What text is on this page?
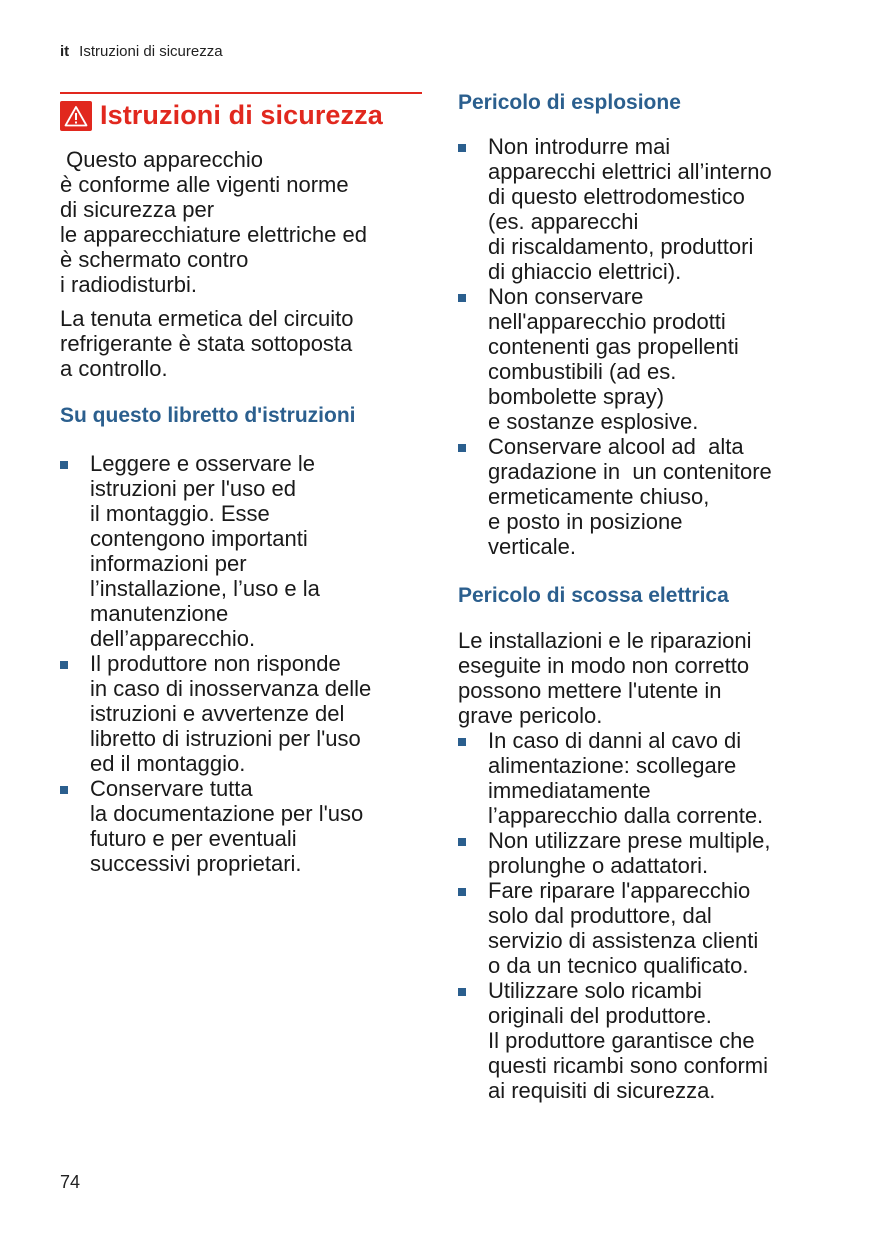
it Istruzioni di sicurezza
Istruzioni di sicurezza
Questo apparecchio
è conforme alle vigenti norme
di sicurezza per
le apparecchiature elettriche ed
è schermato contro
i radiodisturbi.
La tenuta ermetica del circuito
refrigerante è stata sottoposta
a controllo.
Su questo libretto d'istruzioni
Leggere e osservare le
istruzioni per l'uso ed
il montaggio. Esse
contengono importanti
informazioni per
l’installazione, l’uso e la
manutenzione
dell’apparecchio.
Il produttore non risponde
in caso di inosservanza delle
istruzioni e avvertenze del
libretto di istruzioni per l'uso
ed il montaggio.
Conservare tutta
la documentazione per l'uso
futuro e per eventuali
successivi proprietari.
Pericolo di esplosione
Non introdurre mai
apparecchi elettrici all’interno
di questo elettrodomestico
(es. apparecchi
di riscaldamento, produttori
di ghiaccio elettrici).
Non conservare
nell'apparecchio prodotti
contenenti gas propellenti
combustibili (ad es.
bombolette spray)
e sostanze esplosive.
Conservare alcool ad  alta
gradazione in  un contenitore
ermeticamente chiuso,
e posto in posizione
verticale.
Pericolo di scossa elettrica
Le installazioni e le riparazioni
eseguite in modo non corretto
possono mettere l'utente in
grave pericolo.
In caso di danni al cavo di
alimentazione: scollegare
immediatamente
l’apparecchio dalla corrente.
Non utilizzare prese multiple,
prolunghe o adattatori.
Fare riparare l'apparecchio
solo dal produttore, dal
servizio di assistenza clienti
o da un tecnico qualificato.
Utilizzare solo ricambi
originali del produttore.
Il produttore garantisce che
questi ricambi sono conformi
ai requisiti di sicurezza.
74
